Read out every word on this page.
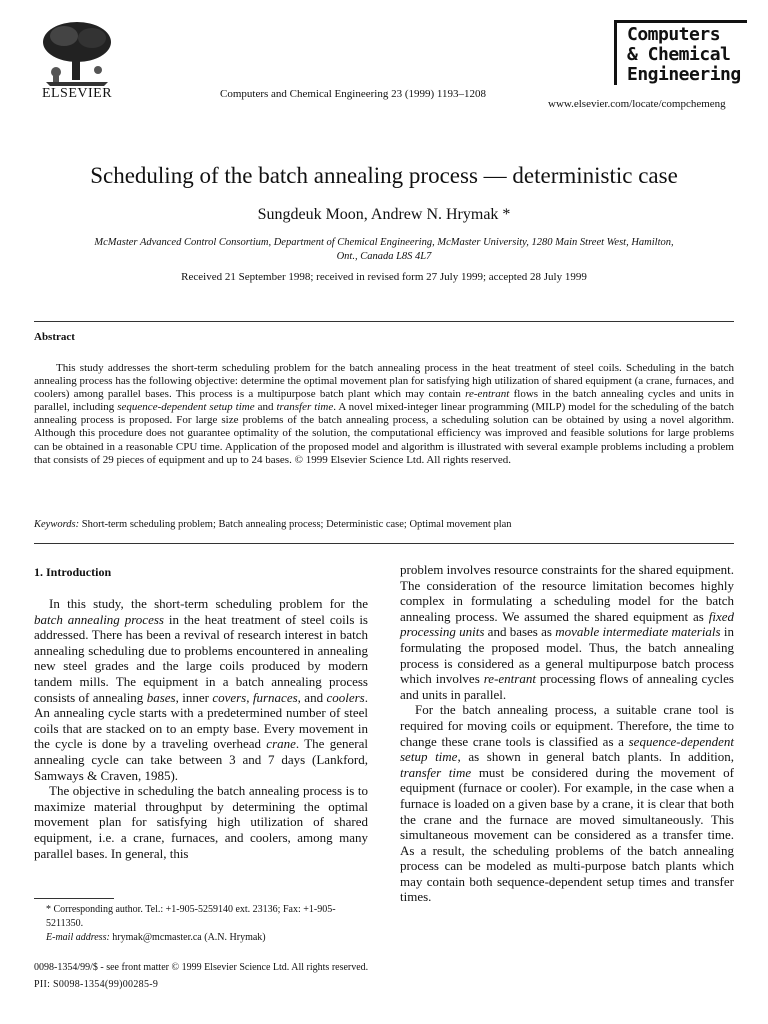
ELSEVIER	Computers and Chemical Engineering 23 (1999) 1193–1208
Computers
& Chemical
Engineering
www.elsevier.com/locate/compchemeng
Scheduling of the batch annealing process — deterministic case
Sungdeuk Moon, Andrew N. Hrymak *
McMaster Advanced Control Consortium, Department of Chemical Engineering, McMaster University, 1280 Main Street West, Hamilton,
Ont., Canada L8S 4L7
Received 21 September 1998; received in revised form 27 July 1999; accepted 28 July 1999
Abstract

This study addresses the short-term scheduling problem for the batch annealing process in the heat treatment of steel coils. Scheduling in the batch annealing process has the following objective: determine the optimal movement plan for satisfying high utilization of shared equipment (a crane, furnaces, and coolers) among parallel bases. This process is a multipurpose batch plant which may contain re-entrant flows in the batch annealing cycles and units in parallel, including sequence-dependent setup time and transfer time. A novel mixed-integer linear programming (MILP) model for the scheduling of the batch annealing process is proposed. For large size problems of the batch annealing process, a scheduling solution can be obtained by using a novel algorithm. Although this procedure does not guarantee optimality of the solution, the computational efficiency was improved and feasible solutions for large problems can be obtained in a reasonable CPU time. Application of the proposed model and algorithm is illustrated with several example problems including a problem that consists of 29 pieces of equipment and up to 24 bases. © 1999 Elsevier Science Ltd. All rights reserved.

Keywords: Short-term scheduling problem; Batch annealing process; Deterministic case; Optimal movement plan
1. Introduction

In this study, the short-term scheduling problem for the batch annealing process in the heat treatment of steel coils is addressed. There has been a revival of research interest in batch annealing scheduling due to problems encountered in annealing new steel grades and the large coils produced by modern tandem mills. The equipment in a batch annealing process consists of annealing bases, inner covers, furnaces, and coolers. An annealing cycle starts with a predetermined number of steel coils that are stacked on to an empty base. Every movement in the cycle is done by a traveling overhead crane. The general annealing cycle can take between 3 and 7 days (Lankford, Samways & Craven, 1985).

The objective in scheduling the batch annealing process is to maximize material throughput by determining the optimal movement plan for satisfying high utilization of shared equipment, i.e. a crane, furnaces, and coolers, among many parallel bases. In general, this

problem involves resource constraints for the shared equipment. The consideration of the resource limitation becomes highly complex in formulating a scheduling model for the batch annealing process. We assumed the shared equipment as fixed processing units and bases as movable intermediate materials in formulating the proposed model. Thus, the batch annealing process is considered as a general multipurpose batch process which involves re-entrant processing flows of annealing cycles and units in parallel.

For the batch annealing process, a suitable crane tool is required for moving coils or equipment. Therefore, the time to change these crane tools is classified as a sequence-dependent setup time, as shown in general batch plants. In addition, transfer time must be considered during the movement of equipment (furnace or cooler). For example, in the case when a furnace is loaded on a given base by a crane, it is clear that both the crane and the furnace are moved simultaneously. This simultaneous movement can be considered as a transfer time. As a result, the scheduling problems of the batch annealing process can be modeled as multi-purpose batch plants which may contain both sequence-dependent setup times and transfer times.

* Corresponding author. Tel.: +1-905-5259140 ext. 23136; Fax: +1-905-5211350.
E-mail address: hrymak@mcmaster.ca (A.N. Hrymak)
0098-1354/99/$ - see front matter © 1999 Elsevier Science Ltd. All rights reserved.
PII: S0098-1354(99)00285-9
